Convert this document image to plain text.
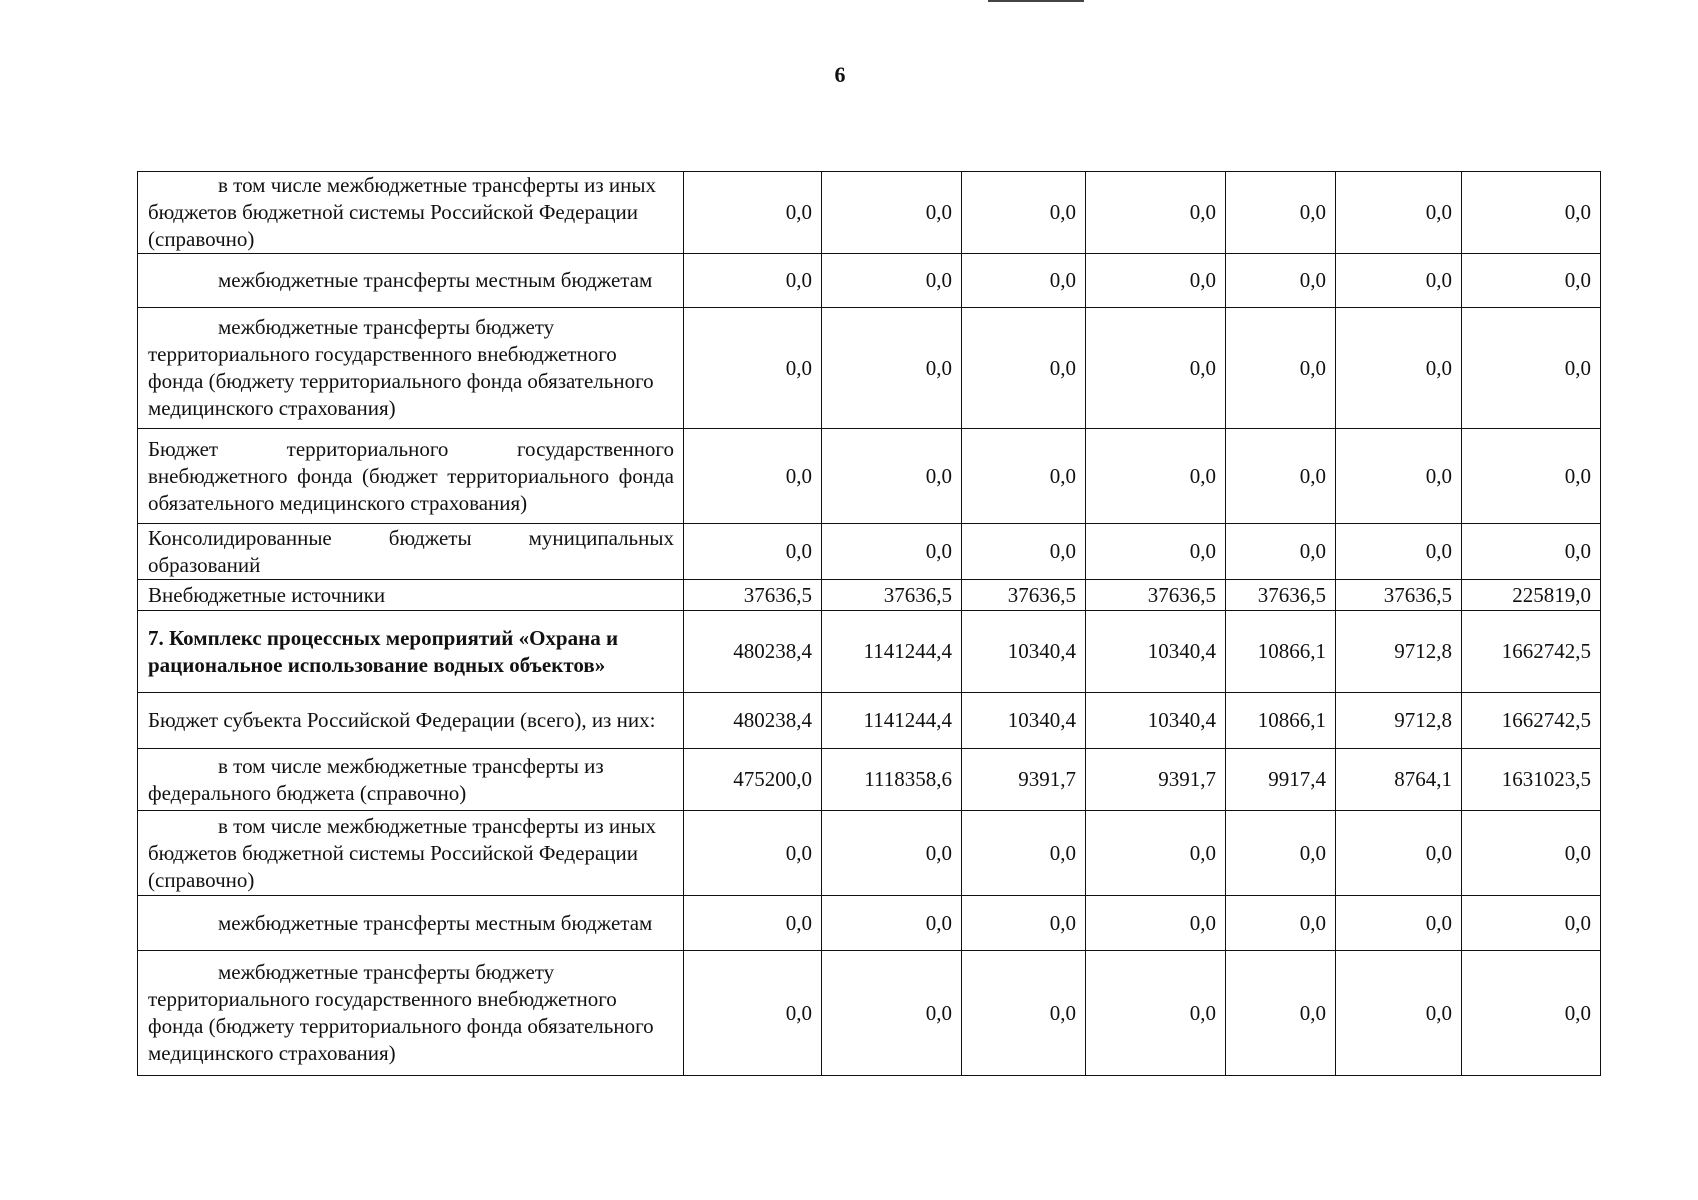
6
в том числе межбюджетные трансферты из иных бюджетов бюджетной системы Российской Федерации (справочно)	0,0	0,0	0,0	0,0	0,0	0,0	0,0

межбюджетные трансферты местным бюджетам	0,0	0,0	0,0	0,0	0,0	0,0	0,0

межбюджетные трансферты бюджету территориального государственного внебюджетного фонда (бюджету территориального фонда обязательного медицинского страхования)	0,0	0,0	0,0	0,0	0,0	0,0	0,0
Бюджет территориального государственного внебюджетного фонда (бюджет территориального фонда обязательного медицинского страхования)	0,0	0,0	0,0	0,0	0,0	0,0	0,0
Консолидированные бюджеты муниципальных образований	0,0	0,0	0,0	0,0	0,0	0,0	0,0
Внебюджетные источники	37636,5	37636,5	37636,5	37636,5	37636,5	37636,5	225819,0
7. Комплекс процессных мероприятий «Охрана и рациональное использование водных объектов»	480238,4	1141244,4	10340,4	10340,4	10866,1	9712,8	1662742,5
Бюджет субъекта Российской Федерации (всего), из них:	480238,4	1141244,4	10340,4	10340,4	10866,1	9712,8	1662742,5

в том числе межбюджетные трансферты из федерального бюджета (справочно)	475200,0	1118358,6	9391,7	9391,7	9917,4	8764,1	1631023,5

в том числе межбюджетные трансферты из иных бюджетов бюджетной системы Российской Федерации (справочно)	0,0	0,0	0,0	0,0	0,0	0,0	0,0

межбюджетные трансферты местным бюджетам	0,0	0,0	0,0	0,0	0,0	0,0	0,0

межбюджетные трансферты бюджету территориального государственного внебюджетного фонда (бюджету территориального фонда обязательного медицинского страхования)	0,0	0,0	0,0	0,0	0,0	0,0	0,0
